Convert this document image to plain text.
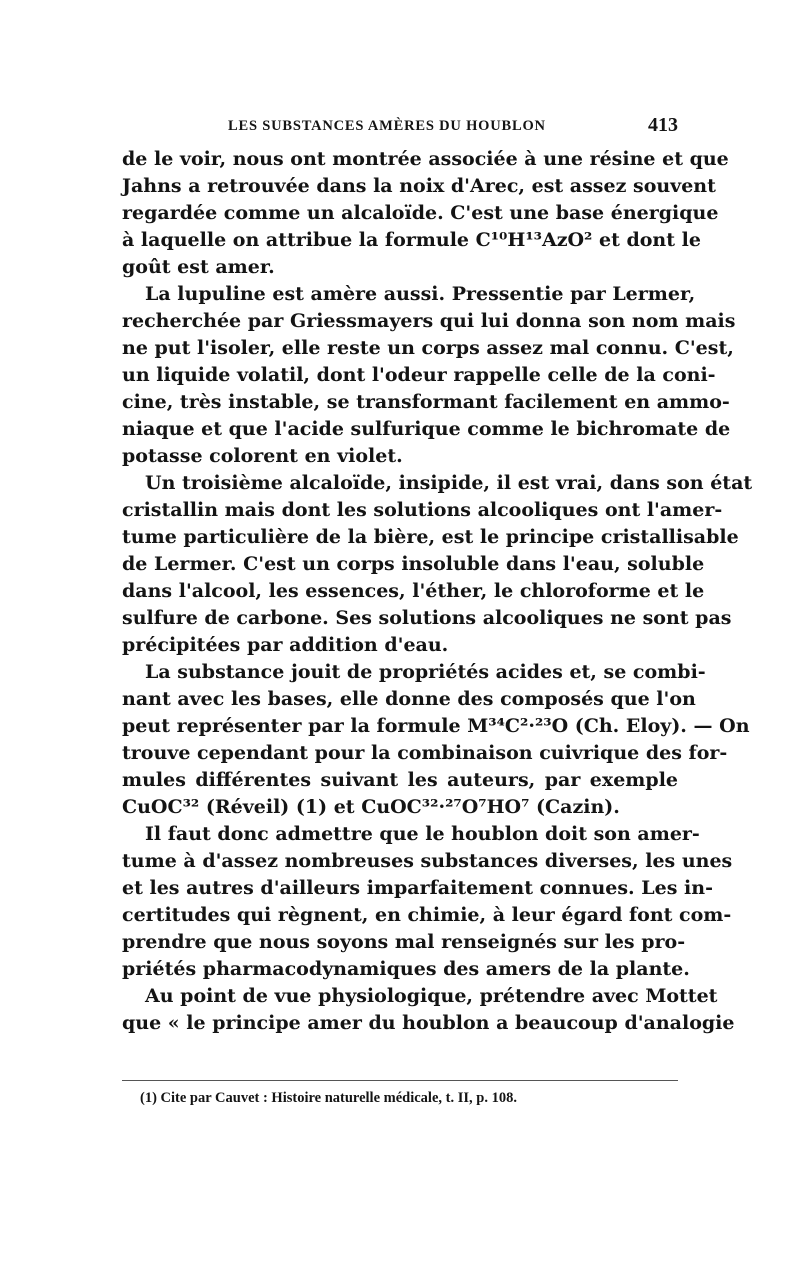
LES SUBSTANCES AMÈRES DU HOUBLON	413
de le voir, nous ont montrée associée à une résine et que
Jahns a retrouvée dans la noix d'Arec, est assez souvent
regardée comme un alcaloïde. C'est une base énergique
à laquelle on attribue la formule C¹⁰H¹³AzO² et dont le
goût est amer.
La lupuline est amère aussi. Pressentie par Lermer,
recherchée par Griessmayers qui lui donna son nom mais
ne put l'isoler, elle reste un corps assez mal connu. C'est,
un liquide volatil, dont l'odeur rappelle celle de la coni-
cine, très instable, se transformant facilement en ammo-
niaque et que l'acide sulfurique comme le bichromate de
potasse colorent en violet.
Un troisième alcaloïde, insipide, il est vrai, dans son état
cristallin mais dont les solutions alcooliques ont l'amer-
tume particulière de la bière, est le principe cristallisable
de Lermer. C'est un corps insoluble dans l'eau, soluble
dans l'alcool, les essences, l'éther, le chloroforme et le
sulfure de carbone. Ses solutions alcooliques ne sont pas
précipitées par addition d'eau.
La substance jouit de propriétés acides et, se combi-
nant avec les bases, elle donne des composés que l'on
peut représenter par la formule M³⁴C²·²³O (Ch. Eloy). — On
trouve cependant pour la combinaison cuivrique des for-
mules différentes suivant les auteurs, par exemple
CuOC³² (Réveil) (1) et CuOC³²·²⁷O⁷HO⁷ (Cazin).
Il faut donc admettre que le houblon doit son amer-
tume à d'assez nombreuses substances diverses, les unes
et les autres d'ailleurs imparfaitement connues. Les in-
certitudes qui règnent, en chimie, à leur égard font com-
prendre que nous soyons mal renseignés sur les pro-
priétés pharmacodynamiques des amers de la plante.
Au point de vue physiologique, prétendre avec Mottet
que « le principe amer du houblon a beaucoup d'analogie
(1) Cite par Cauvet : Histoire naturelle médicale, t. II, p. 108.
